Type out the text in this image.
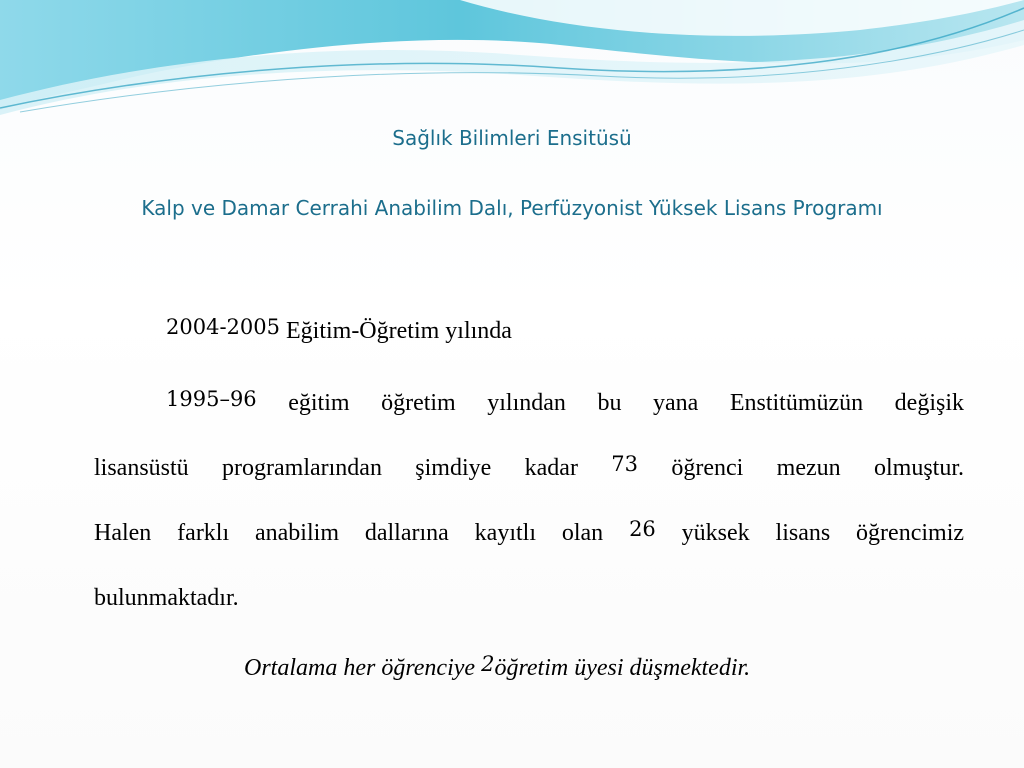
Sağlık Bilimleri Ensitüsü
Kalp ve Damar Cerrahi Anabilim Dalı, Perfüzyonist Yüksek Lisans Programı
2004-2005 Eğitim-Öğretim yılında
1995–96 eğitim öğretim yılından bu yana Enstitümüzün değişik
lisansüstü programlarından şimdiye kadar 73 öğrenci mezun olmuştur.
Halen farklı anabilim dallarına kayıtlı olan 26 yüksek lisans öğrencimiz
bulunmaktadır.
Ortalama her öğrenciye 2öğretim üyesi düşmektedir.
